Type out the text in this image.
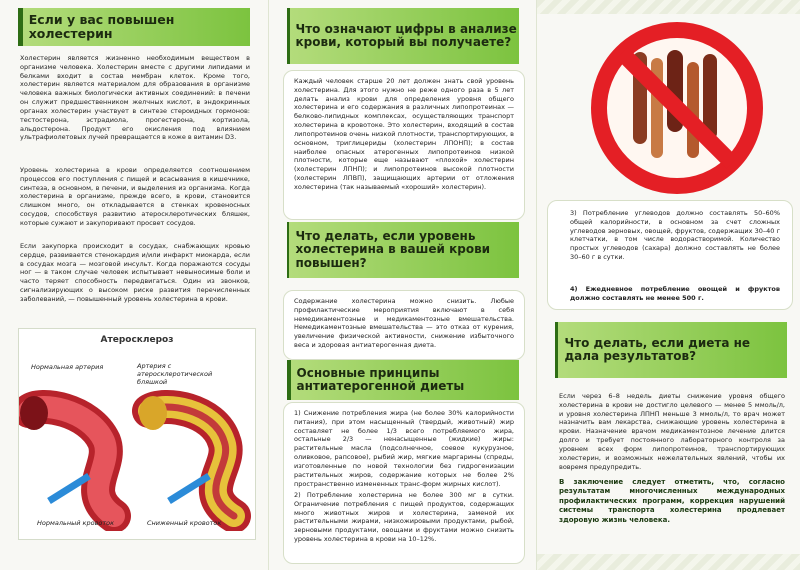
Если у вас повышен холестерин
Холестерин является жизненно необходимым веществом в организме человека. Холестерин вместе с другими липидами и белками входит в состав мембран клеток. Кроме того, холестерин является материалом для образования в организме человека важных биологически активных соединений: в печени он служит предшественником желчных кислот, в эндокринных органах холестерин участвует в синтезе стероидных гормонов: тестостерона, эстрадиола, прогестерона, кортизола, альдостерона. Продукт его окисления под влиянием ультрафиолетовых лучей превращается в коже в витамин D3.
Уровень холестерина в крови определяется соотношением процессов его поступления с пищей и всасывания в кишечнике, синтеза, в основном, в печени, и выделения из организма. Когда холестерина в организме, прежде всего, в крови, становится слишком много, он откладывается в стенках кровеносных сосудов, способствуя развитию атеросклеротических бляшек, которые сужают и закупоривают просвет сосудов.
Если закупорка происходит в сосудах, снабжающих кровью сердце, развивается стенокардия и/или инфаркт миокарда, если в сосудах мозга — мозговой инсульт. Когда поражаются сосуды ног — в таком случае человек испытывает невыносимые боли и часто теряет способность передвигаться. Один из звонков, сигнализирующих о высоком риске развития перечисленных заболеваний, — повышенный уровень холестерина в крови.
Атеросклероз
Нормальная артерия	Артерия с атеросклеротической бляшкой
Нормальный кровоток	Сниженный кровоток
Что означают цифры в анализе крови, который вы получаете?
Каждый человек старше 20 лет должен знать свой уровень холестерина. Для этого нужно не реже одного раза в 5 лет делать анализ крови для определения уровня общего холестерина и его содержания в различных липопротеинах — белково-липидных комплексах, осуществляющих транспорт холестерина в кровотоке. Это холестерин, входящий в состав липопротеинов очень низкой плотности, транспортирующих, в основном, триглицериды (холестерин ЛПОНП); в состав наиболее опасных атерогенных липопротеинов низкой плотности, которые еще называют «плохой» холестерин (холестерин ЛПНП); и липопротеинов высокой плотности (холестерин ЛПВП), защищающих артерии от отложения холестерина (так называемый «хороший» холестерин).
Что делать, если уровень холестерина в вашей крови повышен?
Содержание холестерина можно снизить. Любые профилактические мероприятия включают в себя немедикаментозные и медикаментозные вмешательства. Немедикаментозные вмешательства — это отказ от курения, увеличение физической активности, снижение избыточного веса и здоровая антиатерогенная диета.
Основные принципы антиатерогенной диеты
1) Снижение потребления жира (не более 30% калорийности питания), при этом насыщенный (твердый, животный) жир составляет не более 1/3 всего потребляемого жира, остальные 2/3 — ненасыщенные (жидкие) жиры: растительные масла (подсолнечное, соевое кукурузное, оливковое, рапсовое), рыбий жир, мягкие маргарины (спреды, изготовленные по новой технологии без гидрогенизации растительных жиров, содержание которых не более 2% пространственно измененных транс-форм жирных кислот).
2) Потребление холестерина не более 300 мг в сутки. Ограничение потребления с пищей продуктов, содержащих много животных жиров и холестерина, заменой их растительными жирами, низкожировыми продуктами, рыбой, зерновыми продуктами, овощами и фруктами можно снизить уровень холестерина в крови на 10–12%.
3) Потребление углеводов должно составлять 50–60% общей калорийности, в основном за счет сложных углеводов зерновых, овощей, фруктов, содержащих 30–40 г клетчатки, в том числе водорастворимой. Количество простых углеводов (сахара) должно составлять не более 30–60 г в сутки.
4) Ежедневное потребление овощей и фруктов должно составлять не менее 500 г.
Что делать, если диета не дала результатов?
Если через 6–8 недель диеты снижение уровня общего холестерина в крови не достигло целевого — менее 5 ммоль/л, и уровня холестерина ЛПНП меньше 3 ммоль/л, то врач может назначить вам лекарства, снижающие уровень холестерина в крови. Назначение врачом медикаментозное лечение длится долго и требует постоянного лабораторного контроля за уровнем всех форм липопротеинов, транспортирующих холестерин, и возможных нежелательных явлений, чтобы их вовремя предупредить.
В заключение следует отметить, что, согласно результатам многочисленных международных профилактических программ, коррекция нарушений системы транспорта холестерина продлевает здоровую жизнь человека.
